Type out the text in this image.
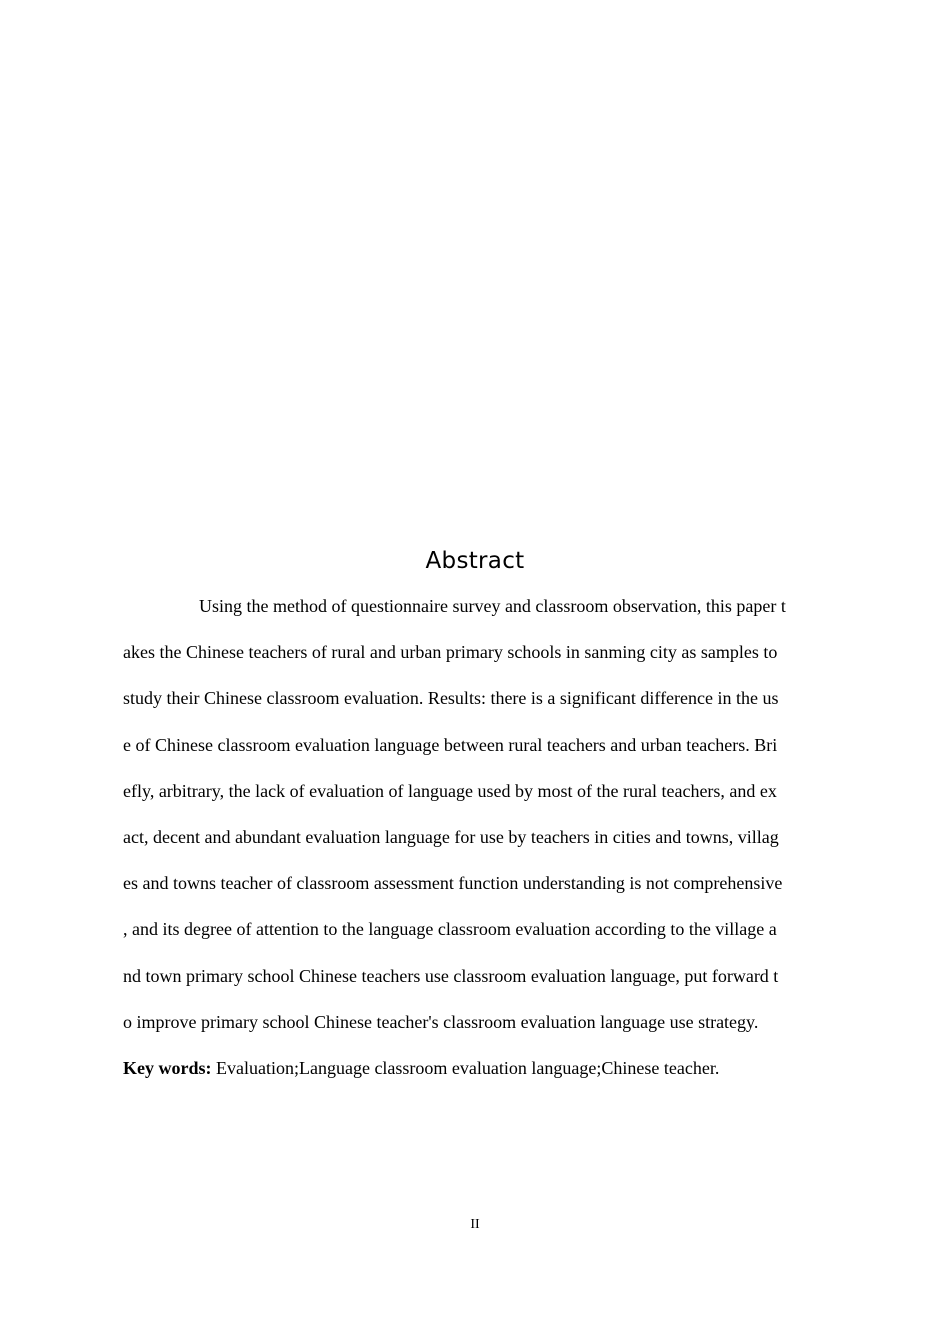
Abstract
Using the method of questionnaire survey and classroom observation, this paper t
akes the Chinese teachers of rural and urban primary schools in sanming city as samples to
study their Chinese classroom evaluation. Results: there is a significant difference in the us
e of Chinese classroom evaluation language between rural teachers and urban teachers. Bri
efly, arbitrary, the lack of evaluation of language used by most of the rural teachers, and ex
act, decent and abundant evaluation language for use by teachers in cities and towns, villag
es and towns teacher of classroom assessment function understanding is not comprehensive
, and its degree of attention to the language classroom evaluation according to the village a
nd town primary school Chinese teachers use classroom evaluation language, put forward t
o improve primary school Chinese teacher's classroom evaluation language use strategy.
Key words: Evaluation;Language classroom evaluation language;Chinese teacher.
II
